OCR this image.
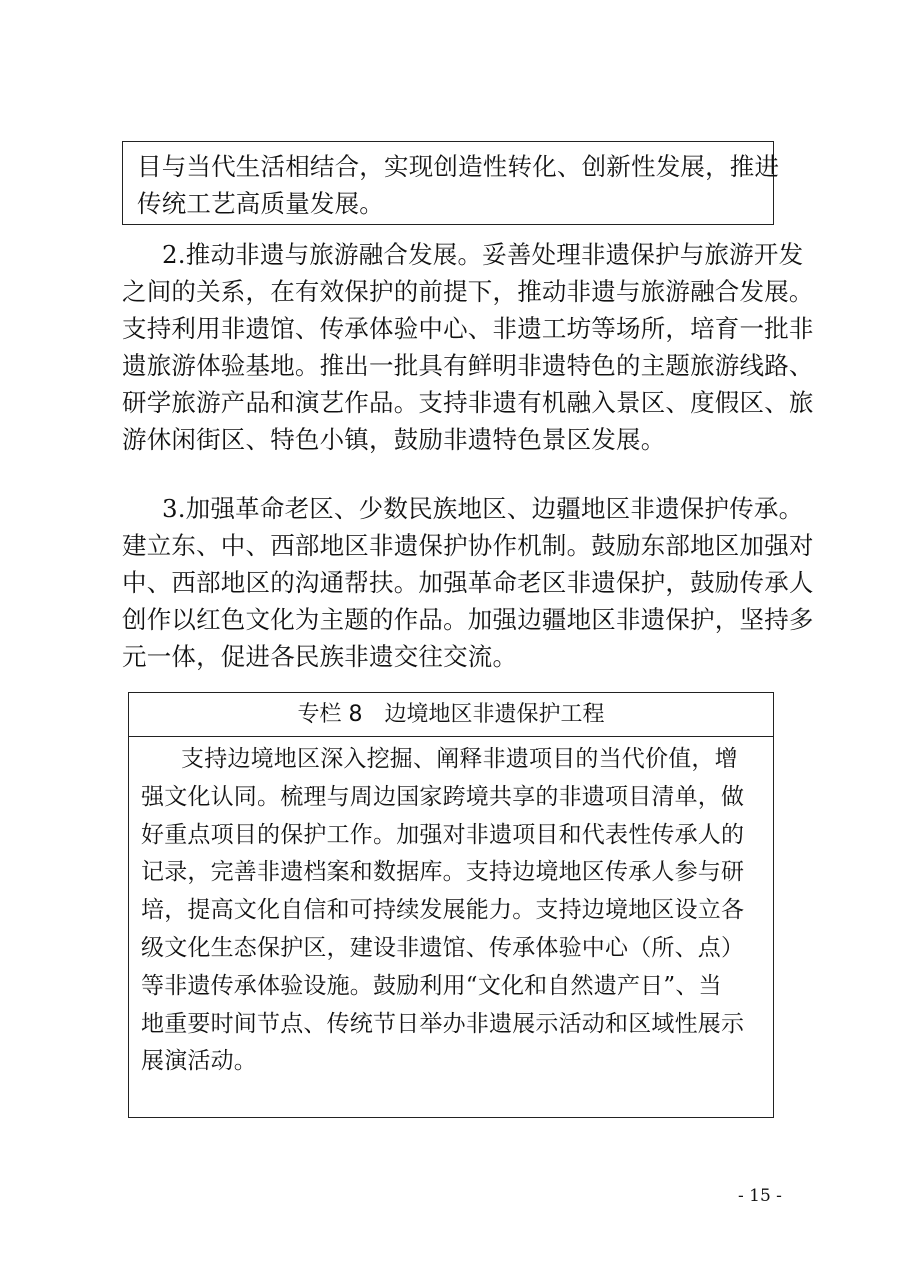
目与当代生活相结合，实现创造性转化、创新性发展，推进
传统工艺高质量发展。
2.推动非遗与旅游融合发展。妥善处理非遗保护与旅游开发
之间的关系，在有效保护的前提下，推动非遗与旅游融合发展。
支持利用非遗馆、传承体验中心、非遗工坊等场所，培育一批非
遗旅游体验基地。推出一批具有鲜明非遗特色的主题旅游线路、
研学旅游产品和演艺作品。支持非遗有机融入景区、度假区、旅
游休闲街区、特色小镇，鼓励非遗特色景区发展。
3.加强革命老区、少数民族地区、边疆地区非遗保护传承。
建立东、中、西部地区非遗保护协作机制。鼓励东部地区加强对
中、西部地区的沟通帮扶。加强革命老区非遗保护，鼓励传承人
创作以红色文化为主题的作品。加强边疆地区非遗保护，坚持多
元一体，促进各民族非遗交往交流。
专栏 8　边境地区非遗保护工程
支持边境地区深入挖掘、阐释非遗项目的当代价值，增
强文化认同。梳理与周边国家跨境共享的非遗项目清单，做
好重点项目的保护工作。加强对非遗项目和代表性传承人的
记录，完善非遗档案和数据库。支持边境地区传承人参与研
培，提高文化自信和可持续发展能力。支持边境地区设立各
级文化生态保护区，建设非遗馆、传承体验中心（所、点）
等非遗传承体验设施。鼓励利用“文化和自然遗产日”、当
地重要时间节点、传统节日举办非遗展示活动和区域性展示
展演活动。
- 15 -
